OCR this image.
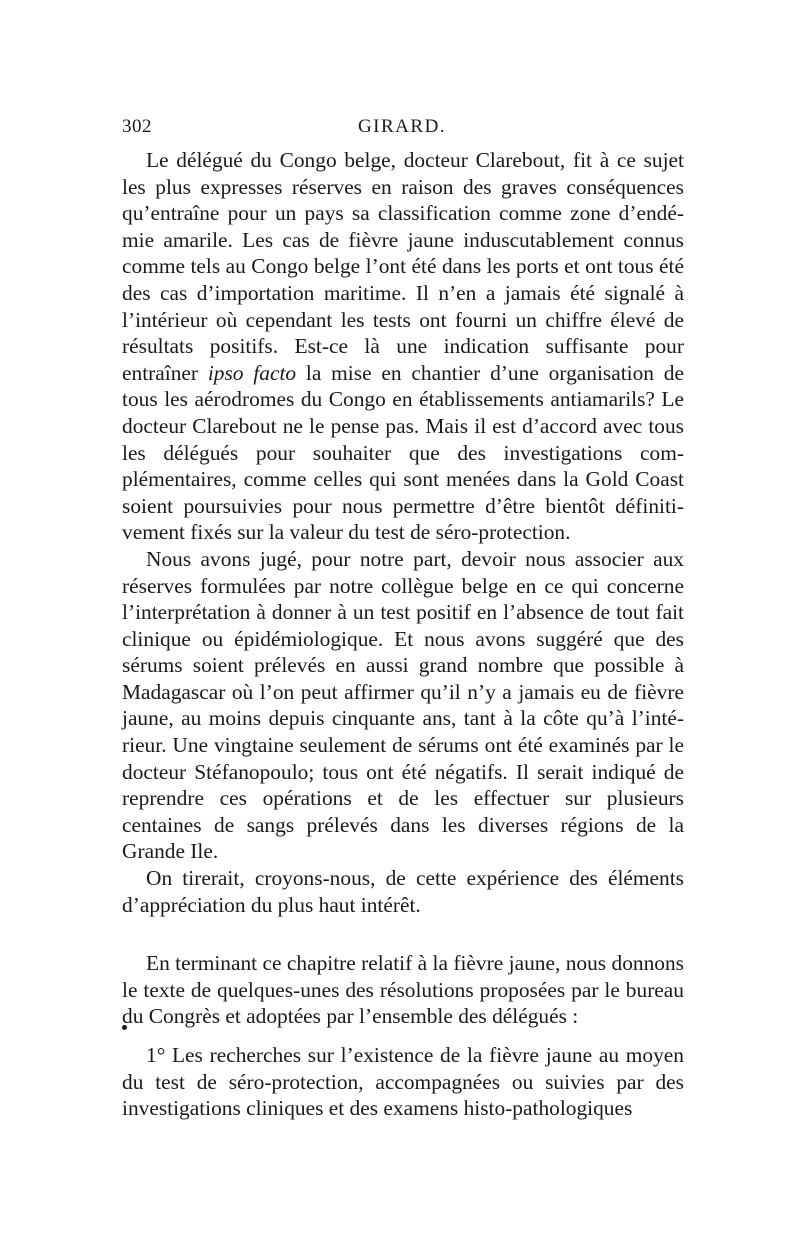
302	GIRARD.

Le délégué du Congo belge, docteur Clarebout, fit à ce sujet les plus expresses réserves en raison des graves conséquences qu’entraîne pour un pays sa classification comme zone d’endémie amarile. Les cas de fièvre jaune induscutablement connus comme tels au Congo belge l’ont été dans les ports et ont tous été des cas d’importation maritime. Il n’en a jamais été signalé à l’intérieur où cependant les tests ont fourni un chiffre élevé de résultats positifs. Est-ce là une indication suffisante pour entraîner ipso facto la mise en chantier d’une organisation de tous les aérodromes du Congo en établissements antiamarils? Le docteur Clarebout ne le pense pas. Mais il est d’accord avec tous les délégués pour souhaiter que des investigations complémentaires, comme celles qui sont menées dans la Gold Coast soient poursuivies pour nous permettre d’être bientôt définitivement fixés sur la valeur du test de séro-protection.

Nous avons jugé, pour notre part, devoir nous associer aux réserves formulées par notre collègue belge en ce qui concerne l’interprétation à donner à un test positif en l’absence de tout fait clinique ou épidémiologique. Et nous avons suggéré que des sérums soient prélevés en aussi grand nombre que possible à Madagascar où l’on peut affirmer qu’il n’y a jamais eu de fièvre jaune, au moins depuis cinquante ans, tant à la côte qu’à l’intérieur. Une vingtaine seulement de sérums ont été examinés par le docteur Stéfanopoulo; tous ont été négatifs. Il serait indiqué de reprendre ces opérations et de les effectuer sur plusieurs centaines de sangs prélevés dans les diverses régions de la Grande Ile.

On tirerait, croyons-nous, de cette expérience des éléments d’appréciation du plus haut intérêt.

En terminant ce chapitre relatif à la fièvre jaune, nous donnons le texte de quelques-unes des résolutions proposées par le bureau du Congrès et adoptées par l’ensemble des délégués :

1° Les recherches sur l’existence de la fièvre jaune au moyen du test de séro-protection, accompagnées ou suivies par des investigations cliniques et des examens histo-pathologiques
